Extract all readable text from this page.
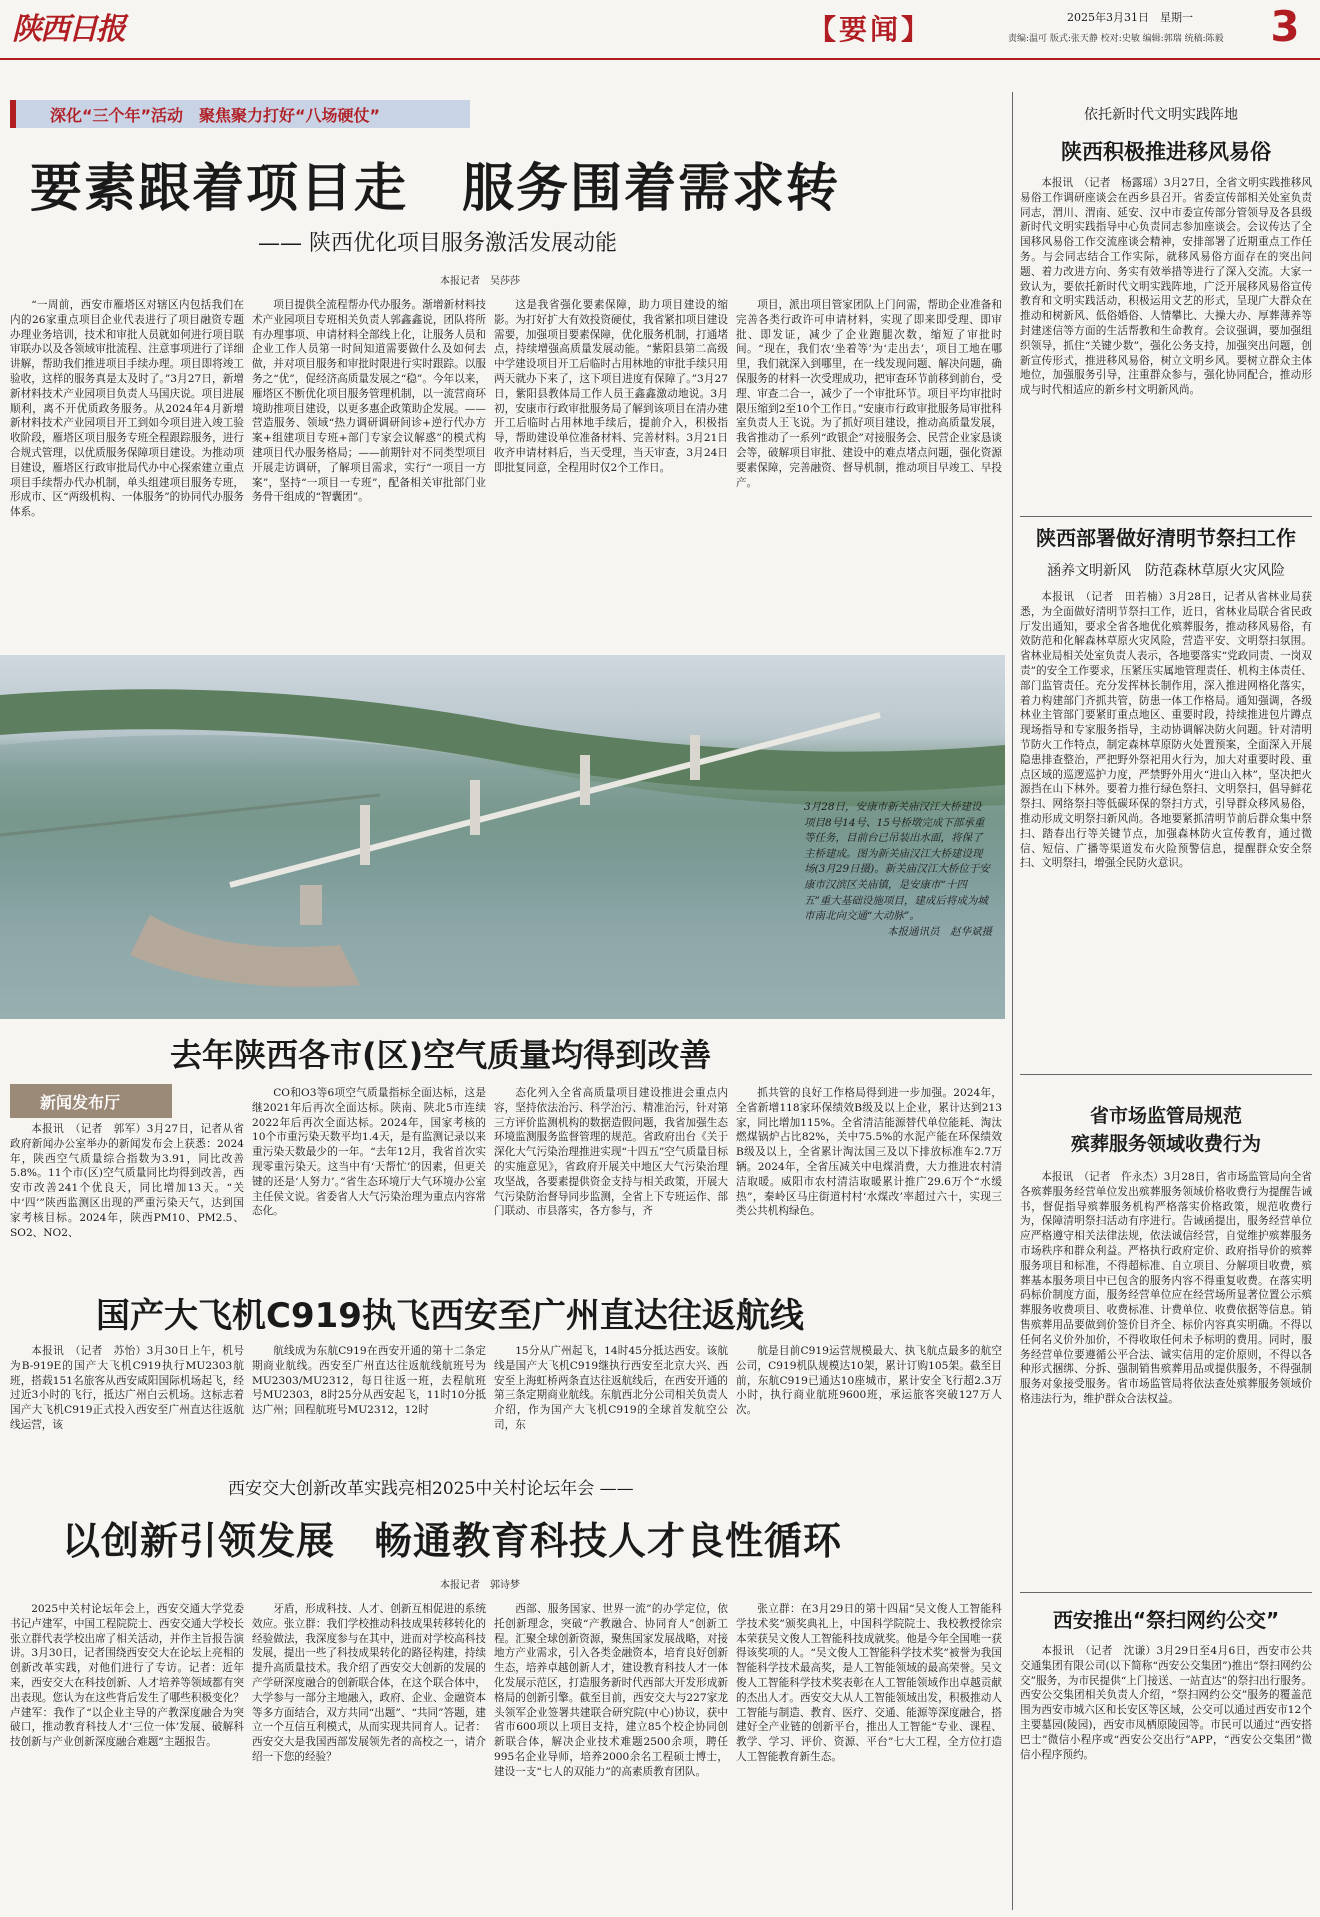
陕西日报	【要闻】	2025年3月31日　星期一
责编:温可 版式:张天静 校对:史敏 编辑:郭瑞 统稿:陈毅	3
深化“三个年”活动　聚焦聚力打好“八场硬仗”
要素跟着项目走　服务围着需求转
—— 陕西优化项目服务激活发展动能
本报记者　吴莎莎
“一周前，西安市雁塔区对辖区内包括我们在内的26家重点项目企业代表进行了项目融资专题办理业务培训，技术和审批人员就如何进行项目联审联办以及各领域审批流程、注意事项进行了详细讲解，帮助我们推进项目手续办理。项目即将竣工验收，这样的服务真是太及时了。”3月27日，新增新材料技术产业园项目负责人马国庆说。项目进展顺利，离不开优质政务服务。从2024年4月新增新材料技术产业园项目开工到如今项目进入竣工验收阶段，雁塔区项目服务专班全程跟踪服务，进行合规式管理，以优质服务保障项目建设。为推动项目建设，雁塔区行政审批局代办中心探索建立重点项目手续帮办代办机制，单头组建项目服务专班，形成市、区“两级机构、一体服务”的协同代办服务体系。
项目提供全流程帮办代办服务。渐增新材料技术产业园项目专班相关负责人郭鑫鑫说，团队将所有办理事项、申请材料全部线上化，让服务人员和企业工作人员第一时间知道需要做什么及如何去做，并对项目服务和审批时限进行实时跟踪。以服务之“优”，促经济高质量发展之“稳”。今年以来，雁塔区不断优化项目服务管理机制，以一流营商环境助推项目建设，以更多惠企政策助企发展。——营造服务、领域“热力调研调研间诊+逆行代办方案+组建项目专班+部门专家会议解惑”的模式构建项目代办服务格局；——前期针对不同类型项目开展走访调研，了解项目需求，实行“一项目一方案”，坚持“一项目一专班”，配备相关审批部门业务骨干组成的“智囊团”。
这是我省强化要素保障，助力项目建设的缩影。为打好扩大有效投资硬仗，我省紧扣项目建设需要，加强项目要素保障，优化服务机制，打通堵点，持续增强高质量发展动能。“紫阳县第二高级中学建设项目开工后临时占用林地的审批手续只用两天就办下来了，这下项目进度有保障了。”3月27日，紫阳县教体局工作人员王鑫鑫激动地说。3月初，安康市行政审批服务局了解到该项目在清办建开工后临时占用林地手续后，提前介入，积极指导，帮助建设单位准备材料、完善材料。3月21日收齐申请材料后，当天受理，当天审查，3月24日即批复同意，全程用时仅2个工作日。
项目，派出项目管家团队上门问需，帮助企业准备和完善各类行政许可申请材料，实现了即来即受理、即审批、即发证，减少了企业跑腿次数，缩短了审批时间。“现在，我们农‘坐着等’为‘走出去’，项目工地在哪里，我们就深入到哪里，在一线发现问题、解决问题，确保服务的材料一次受理成功，把审查环节前移到前台，受理、审查二合一，减少了一个审批环节。项目平均审批时限压缩到2至10个工作日。”安康市行政审批服务局审批科室负责人王飞说。为了抓好项目建设，推动高质量发展，我省推动了一系列“政银企”对接服务会、民营企业家恳谈会等，破解项目审批、建设中的难点堵点问题，强化资源要素保障，完善融资、督导机制，推动项目早竣工、早投产。
3月28日，安康市新关庙汉江大桥建设项目8号14号、15号桥墩完成下部承重等任务，目前台已吊装出水面，将保了主桥建成。图为新关庙汉江大桥建设现场(3月29日摄)。新关庙汉江大桥位于安康市汉滨区关庙镇，是安康市“十四五”重大基础设施项目，建成后将成为城市南北向交通“大动脉”。
本报通讯员　赵华斌摄
去年陕西各市(区)空气质量均得到改善
新闻发布厅
本报讯　（记者　郭军）3月27日，记者从省政府新闻办公室举办的新闻发布会上获悉：2024年，陕西空气质量综合指数为3.91，同比改善5.8%。11个市(区)空气质量同比均得到改善，西安市改善241个优良天，同比增加13天。“关中‘四’”陕西监测区出现的严重污染天气，达到国家考核目标。2024年，陕西PM10、PM2.5、SO2、NO2、
CO和O3等6项空气质量指标全面达标，这是继2021年后再次全面达标。陕南、陕北5市连续2022年后再次全面达标。2024年，国家考核的10个市重污染天数平均1.4天，是有监测记录以来重污染天数最少的一年。“去年12月，我省首次实现零重污染天。这当中有‘天帮忙’的因素，但更关键的还是‘人努力’。”省生态环境厅大气环境办公室主任侯文说。省委省人大气污染治理为重点内容常态化。
态化列入全省高质量项目建设推进会重点内容，坚持依法治污、科学治污、精准治污，针对第三方评价监测机构的数据造假问题，我省加强生态环境监测服务监督管理的规范。省政府出台《关于深化大气污染治理推进实现“十四五”空气质量目标的实施意见》，省政府开展关中地区大气污染治理攻坚战，各要素提供资金支持与相关政策，开展大气污染防治督导同步监测，全省上下专班运作、部门联动、市县落实，各方参与，齐
抓共管的良好工作格局得到进一步加强。2024年，全省新增118家环保绩效B级及以上企业，累计达到213家，同比增加115%。全省清洁能源替代单位能耗、淘汰燃煤锅炉占比82%，关中75.5%的水泥产能在环保绩效B级及以上，全省累计淘汰国三及以下排放标准车2.7万辆。2024年，全省压减关中电煤消费，大力推进农村清洁取暖。威阳市农村清洁取暖累计推广29.6万个“水缓热”，秦岭区马庄街道村村‘水煤改’率超过六十，实现三类公共机构绿色。
国产大飞机C919执飞西安至广州直达往返航线
本报讯　（记者　苏怡）3月30日上午，机号为B-919E的国产大飞机C919执行MU2303航班，搭载151名旅客从西安咸阳国际机场起飞，经过近3小时的飞行，抵达广州白云机场。这标志着国产大飞机C919正式投入西安至广州直达往返航线运营，该
航线成为东航C919在西安开通的第十二条定期商业航线。西安至广州直达往返航线航班号为MU2303/MU2312，每日往返一班，去程航班号MU2303，8时25分从西安起飞，11时10分抵达广州；回程航班号MU2312，12时
15分从广州起飞，14时45分抵达西安。该航线是国产大飞机C919继执行西安至北京大兴、西安至上海虹桥两条直达往返航线后，在西安开通的第三条定期商业航线。东航西北分公司相关负责人介绍，作为国产大飞机C919的全球首发航空公司，东
航是目前C919运营规模最大、执飞航点最多的航空公司，C919机队规模达10架，累计订购105架。截至目前，东航C919已通达10座城市，累计安全飞行超2.3万小时，执行商业航班9600班，承运旅客突破127万人次。
西安交大创新改革实践亮相2025中关村论坛年会 ——
以创新引领发展　畅通教育科技人才良性循环
本报记者　郭诗梦
2025中关村论坛年会上，西安交通大学党委书记卢建军，中国工程院院士、西安交通大学校长张立群代表学校出席了相关活动，并作主旨报告演讲。3月30日，记者围绕西安交大在论坛上亮相的创新改革实践，对他们进行了专访。记者：近年来，西安交大在科技创新、人才培养等领域都有突出表现。您认为在这些背后发生了哪些积极变化？卢建军：我作了“以企业主导的产教深度融合为突破口，推动教育科技人才‘三位一体’发展、破解科技创新与产业创新深度融合难题”主题报告。
牙盾，形成科技、人才、创新互相促进的系统效应。张立群：我们学校推动科技成果转移转化的经验做法，我深度参与在其中，进而对学校高科技发展，提出一些了科技成果转化的路径构建，持续提升高质量技术。我介绍了西安交大创新的发展的产学研深度融合的创新联合体，在这个联合体中，大学参与一部分主地融入，政府、企业、金融资本等多方面结合，双方共同“出题”、“共同”答题，建立一个互信互利模式，从而实现共同育人。记者：西安交大是我国西部发展领先者的高校之一，请介绍一下您的经验？
西部、服务国家、世界一流”的办学定位，依托创新理念，突破“产教融合、协同育人”创新工程。汇聚全球创新资源，聚焦国家发展战略，对接地方产业需求，引入各类金融资本，培育良好创新生态，培养卓越创新人才，建设教育科技人才一体化发展示范区，打造服务新时代西部大开发形成新格局的创新引擎。截至目前，西安交大与227家龙头领军企业签署共建联合研究院(中心)协议，获中省市600项以上项目支持，建立85个校企协同创新联合体，解决企业技术难题2500余项，聘任995名企业导师，培养2000余名工程硕士博士，建设一支“七人的双能力”的高素质教育团队。
张立群：在3月29日的第十四届“吴文俊人工智能科学技术奖”颁奖典礼上，中国科学院院士、我校教授徐宗本荣获吴文俊人工智能科技成就奖。他是今年全国唯一获得该奖项的人。“吴文俊人工智能科学技术奖”被誉为我国智能科学技术最高奖，是人工智能领域的最高荣誉。吴文俊人工智能科学技术奖表彰在人工智能领域作出卓越贡献的杰出人才。西安交大从人工智能领域出发，积极推动人工智能与制造、教育、医疗、交通、能源等深度融合，搭建好全产业链的创新平台，推出人工智能“专业、课程、教学、学习、评价、资源、平台”七大工程，全方位打造人工智能教育新生态。
依托新时代文明实践阵地
陕西积极推进移风易俗
本报讯　（记者　杨露瑶）3月27日，全省文明实践推移风易俗工作调研座谈会在西乡县召开。省委宣传部相关处室负责同志，渭川、渭南、延安、汉中市委宣传部分管领导及各县级新时代文明实践指导中心负责同志参加座谈会。会议传达了全国移风易俗工作交流座谈会精神，安排部署了近期重点工作任务。与会同志结合工作实际，就移风易俗方面存在的突出问题、着力改进方向、务实有效举措等进行了深入交流。大家一致认为，要依托新时代文明实践阵地，广泛开展移风易俗宣传教育和文明实践活动，积极运用文艺的形式，呈现广大群众在推动和树新风、低俗婚俗、人情攀比、大操大办、厚葬薄养等封建迷信等方面的生活帮教和生命教育。会议强调，要加强组织领导，抓住“关键少数”，强化公务支持，加强突出问题，创新宣传形式，推进移风易俗，树立文明乡风。要树立群众主体地位，加强服务引导，注重群众参与，强化协同配合，推动形成与时代相适应的新乡村文明新风尚。
陕西部署做好清明节祭扫工作
涵养文明新风　防范森林草原火灾风险
本报讯　（记者　田若楠）3月28日，记者从省林业局获悉，为全面做好清明节祭扫工作，近日，省林业局联合省民政厅发出通知，要求全省各地优化殡葬服务，推动移风易俗，有效防范和化解森林草原火灾风险，营造平安、文明祭扫氛围。省林业局相关处室负责人表示，各地要落实“党政同责、一岗双责”的安全工作要求，压紧压实属地管理责任、机构主体责任、部门监管责任。充分发挥林长制作用，深入推进网格化落实，着力构建部门齐抓共管，防患一体工作格局。通知强调，各级林业主管部门要紧盯重点地区、重要时段，持续推进包片蹲点现场指导和专家服务指导，主动协调解决防火问题。针对清明节防火工作特点，制定森林草原防火处置预案，全面深入开展隐患排查整治，严把野外祭祀用火行为，加大对重要时段、重点区域的巡逻巡护力度，严禁野外用火“进山入林”，坚决把火源挡在山下林外。要着力推行绿色祭扫、文明祭扫，倡导鲜花祭扫、网络祭扫等低碳环保的祭扫方式，引导群众移风易俗，推动形成文明祭扫新风尚。各地要紧抓清明节前后群众集中祭扫、踏春出行等关键节点，加强森林防火宣传教育，通过微信、短信、广播等渠道发布火险预警信息，提醒群众安全祭扫、文明祭扫，增强全民防火意识。
省市场监管局规范
殡葬服务领域收费行为
本报讯　（记者　仵永杰）3月28日，省市场监管局向全省各殡葬服务经营单位发出殡葬服务领域价格收费行为提醒告诫书，督促指导殡葬服务机构严格落实价格政策，规范收费行为，保障清明祭扫活动有序进行。告诫函提出，服务经营单位应严格遵守相关法律法规，依法诚信经营，自觉维护殡葬服务市场秩序和群众利益。严格执行政府定价、政府指导价的殡葬服务项目和标准，不得超标准、自立项目、分解项目收费，殡葬基本服务项目中已包含的服务内容不得重复收费。在落实明码标价制度方面，服务经营单位应在经营场所显著位置公示殡葬服务收费项目、收费标准、计费单位、收费依据等信息。销售殡葬用品要做到价签价目齐全、标价内容真实明确。不得以任何名义价外加价，不得收取任何未予标明的费用。同时，服务经营单位要遵循公平合法、诚实信用的定价原则，不得以各种形式捆绑、分拆、强制销售殡葬用品或提供服务，不得强制服务对象接受服务。省市场监管局将依法查处殡葬服务领域价格违法行为，维护群众合法权益。
西安推出“祭扫网约公交”
本报讯　（记者　沈谦）3月29日至4月6日，西安市公共交通集团有限公司(以下简称“西安公交集团”)推出“祭扫网约公交”服务，为市民提供“上门接送、一站直达”的祭扫出行服务。西安公交集团相关负责人介绍，“祭扫网约公交”服务的覆盖范围为西安市城六区和长安区等区域，公交可以通过西安市12个主要墓园(陵园)，西安市凤栖原陵园等。市民可以通过“西安搭巴士”微信小程序或“西安公交出行”APP，“西安公交集团”微信小程序预约。
